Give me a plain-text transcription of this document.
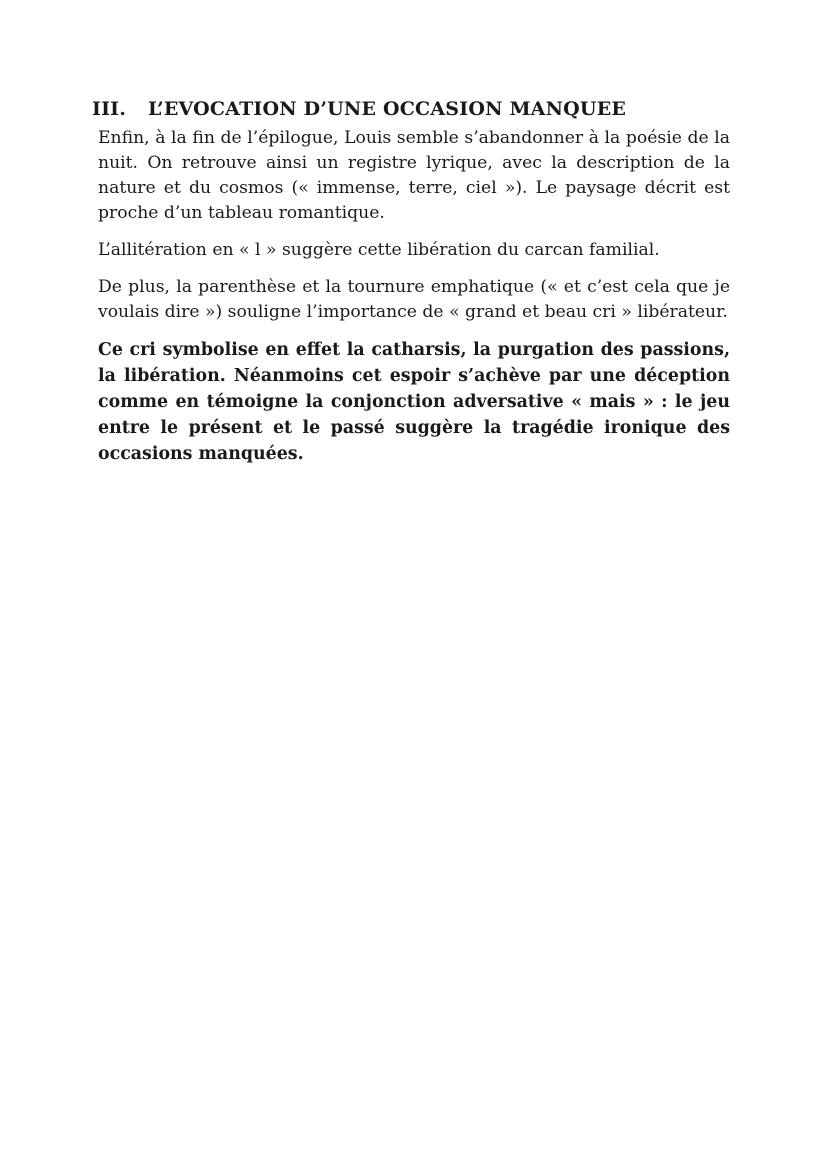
III.	L’EVOCATION D’UNE OCCASION MANQUEE

Enfin, à la fin de l’épilogue, Louis semble s’abandonner à la poésie de la nuit. On retrouve ainsi un registre lyrique, avec la description de la nature et du cosmos (« immense, terre, ciel »). Le paysage décrit est proche d’un tableau romantique.

L’allitération en « l » suggère cette libération du carcan familial.

De plus, la parenthèse et la tournure emphatique (« et c’est cela que je voulais dire ») souligne l’importance de « grand et beau cri » libérateur.

Ce cri symbolise en effet la catharsis, la purgation des passions, la libération. Néanmoins cet espoir s’achève par une déception comme en témoigne la conjonction adversative « mais » : le jeu entre le présent et le passé suggère la tragédie ironique des occasions manquées.
